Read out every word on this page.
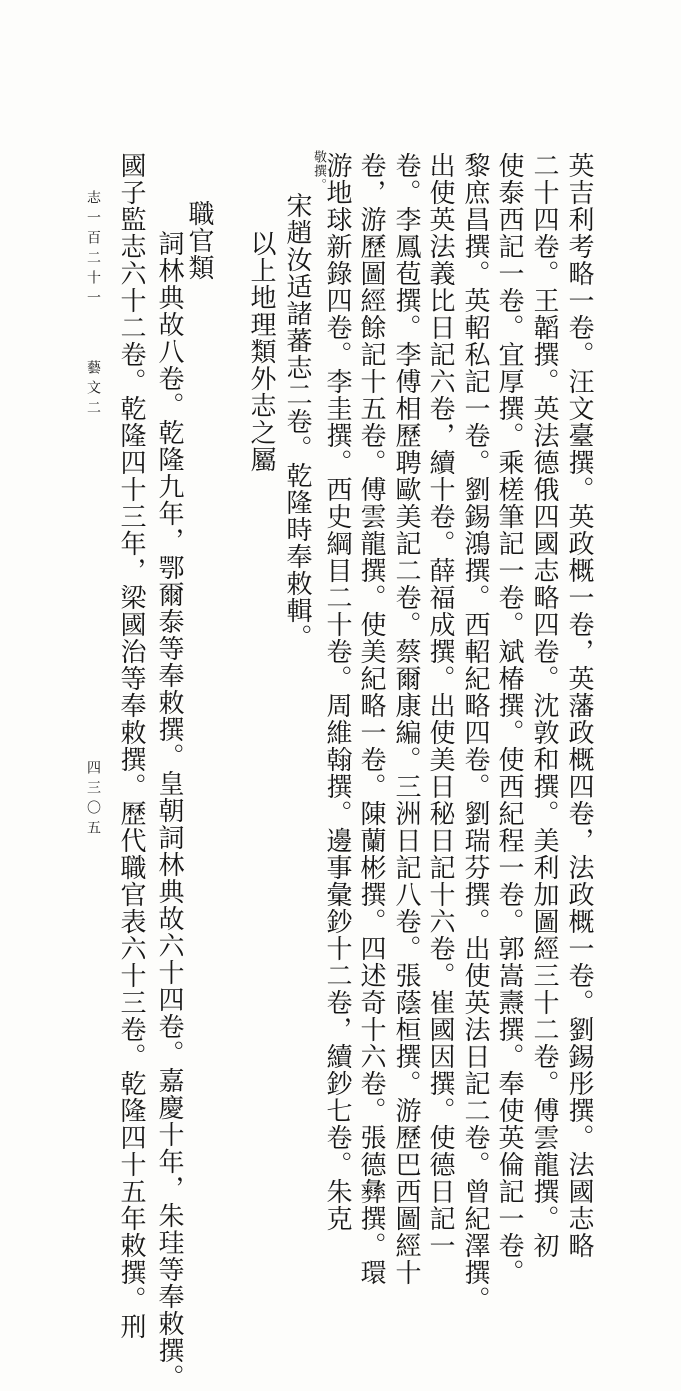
英吉利考略一卷。汪文臺撰。英政概一卷，英藩政概四卷，法政概一卷。劉錫彤撰。法國志略
二十四卷。王韜撰。英法德俄四國志略四卷。沈敦和撰。美利加圖經三十二卷。傅雲龍撰。初
使泰西記一卷。宜厚撰。乘槎筆記一卷。斌椿撰。使西紀程一卷。郭嵩燾撰。奉使英倫記一卷。
黎庶昌撰。英軺私記一卷。劉錫鴻撰。西軺紀略四卷。劉瑞芬撰。出使英法日記二卷。曾紀澤撰。
出使英法義比日記六卷，續十卷。薛福成撰。出使美日秘日記十六卷。崔國因撰。使德日記一
卷。李鳳苞撰。李傅相歷聘歐美記二卷。蔡爾康編。三洲日記八卷。張蔭桓撰。游歷巴西圖經十
卷，游歷圖經餘記十五卷。傅雲龍撰。使美紀略一卷。陳蘭彬撰。四述奇十六卷。張德彝撰。環
游地球新錄四卷。李圭撰。西史綱目二十卷。周維翰撰。邊事彙鈔十二卷，續鈔七卷。朱克
敬撰。
宋趙汝适諸蕃志二卷。乾隆時奉敕輯。
以上地理類外志之屬
職官類
詞林典故八卷。乾隆九年，鄂爾泰等奉敕撰。皇朝詞林典故六十四卷。嘉慶十年，朱珪等奉敕撰。
國子監志六十二卷。乾隆四十三年，梁國治等奉敕撰。歷代職官表六十三卷。乾隆四十五年敕撰。刑
志一百二十一
藝文二
四三〇五
